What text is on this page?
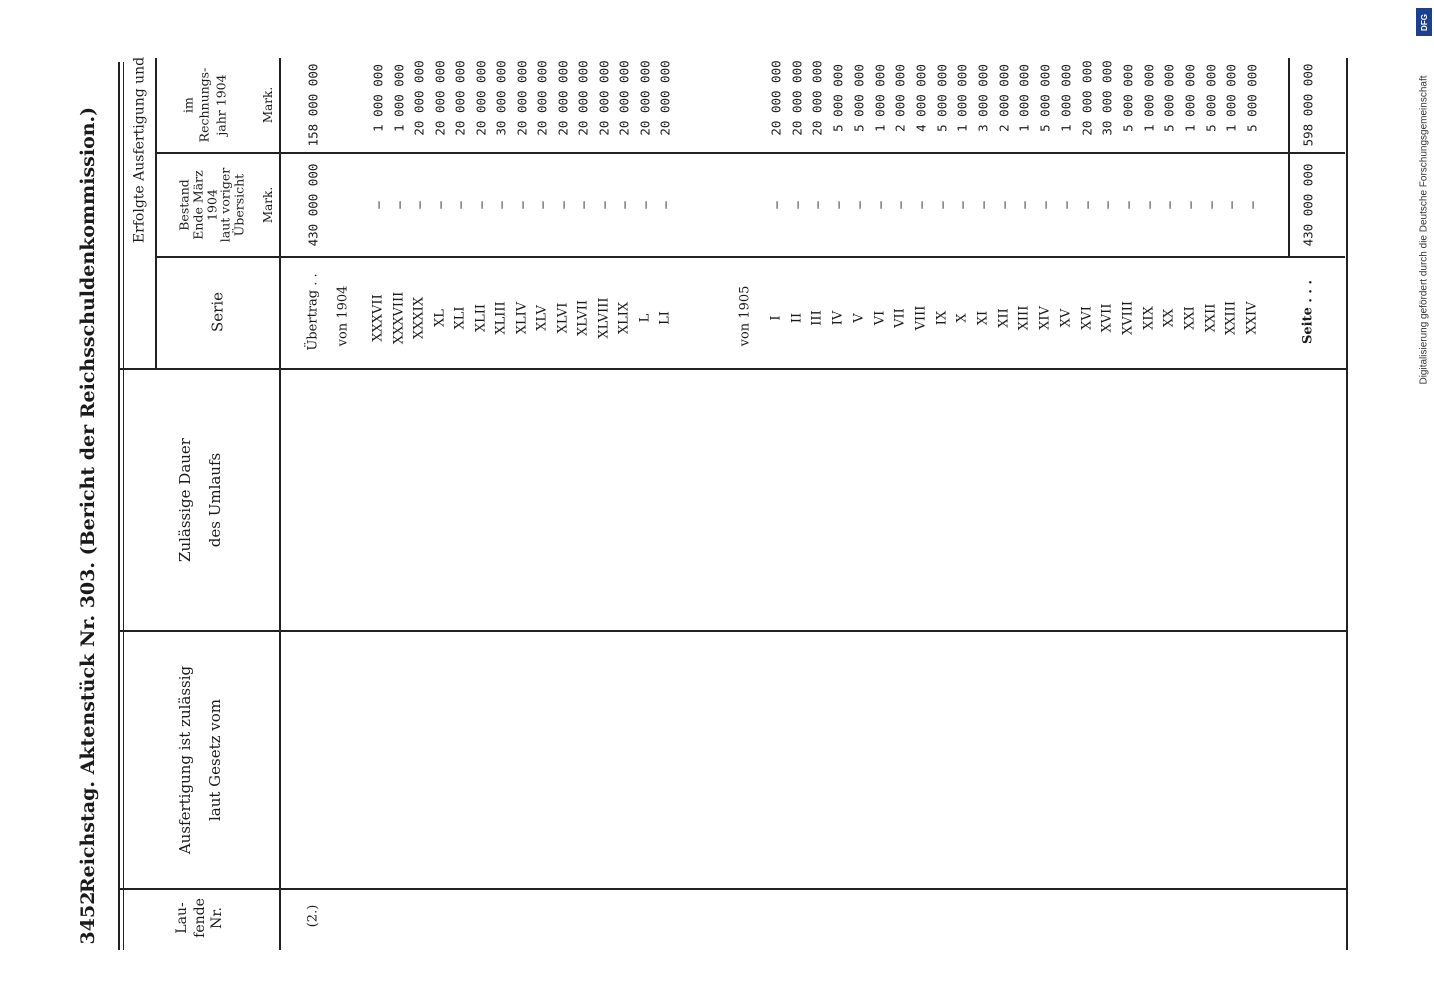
3452
Reichstag. Aktenstück Nr. 303. (Bericht der Reichsschuldenkommission.)
Lau-
fende
Nr.
Ausfertigung ist zulässig
laut Gesetz vom
Zulässige Dauer
des Umlaufs
Serie
Erfolgte Ausfertigung und Bestand
Ende März
1904
laut voriger
Übersicht
im
Rechnungs-
jahr 1904
Mark.
Mark.
(2.)
Übertrag . .
430 000 000
158 000 000
von 1904	von 1905
XXXVII
—
1 000 000
XXXVIII
—
1 000 000
XXXIX
—
20 000 000
XL
—
20 000 000
XLI
—
20 000 000
XLII
—
20 000 000
XLIII
—
30 000 000
XLIV
—
20 000 000
XLV
—
20 000 000
XLVI
—
20 000 000
XLVII
—
20 000 000
XLVIII
—
20 000 000
XLIX
—
20 000 000
L
—
20 000 000
LI
—
20 000 000
I
—
20 000 000
II
—
20 000 000
III
—
20 000 000
IV
—
5 000 000
V
—
5 000 000
VI
—
1 000 000
VII
—
2 000 000
VIII
—
4 000 000
IX
—
5 000 000
X
—
1 000 000
XI
—
3 000 000
XII
—
2 000 000
XIII
—
1 000 000
XIV
—
5 000 000
XV
—
1 000 000
XVI
—
20 000 000
XVII
—
30 000 000
XVIII
—
5 000 000
XIX
—
1 000 000
XX
—
5 000 000
XXI
—
1 000 000
XXII
—
5 000 000
XXIII
—
1 000 000
XXIV
—
5 000 000
Seite . . .
430 000 000
598 000 000	Digitalisierung gefördert durch die Deutsche Forschungsgemeinschaft
DFG
